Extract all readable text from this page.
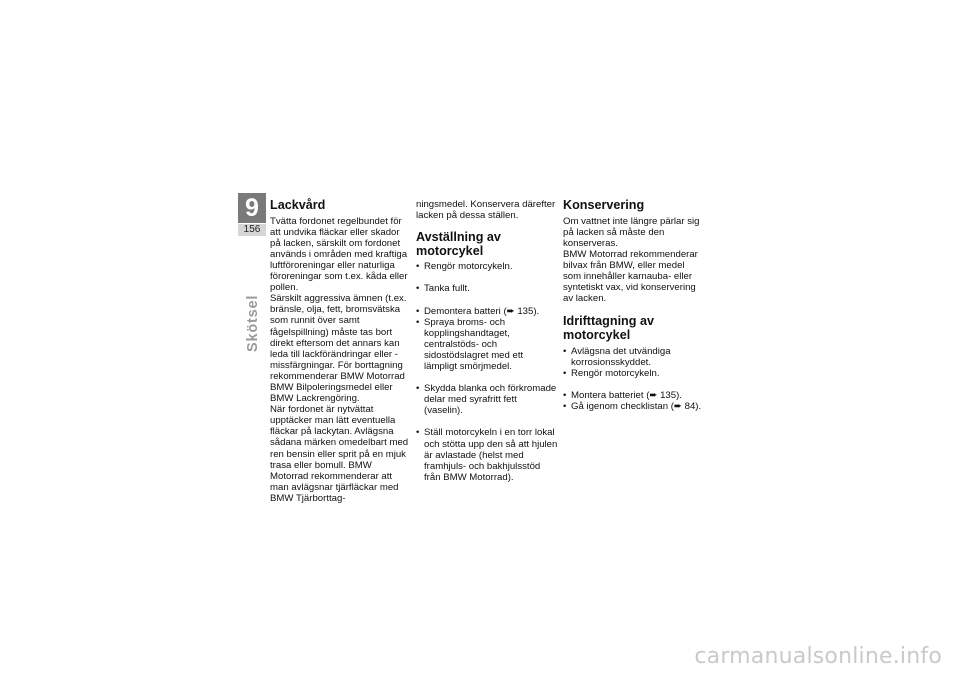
9
156
Skötsel
Lackvård

Tvätta fordonet regelbundet för att undvika fläckar eller skador på lacken, särskilt om fordonet används i områden med kraftiga luftföroreningar eller naturliga föroreningar som t.ex. kåda eller pollen.

Särskilt aggressiva ämnen (t.ex. bränsle, olja, fett, bromsvätska som runnit över samt fågelspillning) måste tas bort direkt eftersom det annars kan leda till lackförändringar eller -missfärgningar. För borttagning rekommenderar BMW Motorrad BMW Bilpoleringsmedel eller BMW Lackrengöring.

När fordonet är nytvättat upptäcker man lätt eventuella fläckar på lackytan. Avlägsna sådana märken omedelbart med ren bensin eller sprit på en mjuk trasa eller bomull. BMW Motorrad rekommenderar att man avlägsnar tjärfläckar med BMW Tjärborttag-

ningsmedel. Konservera därefter lacken på dessa ställen.

Avställning av motorcykel
• Rengör motorcykeln.
• Tanka fullt.
• Demontera batteri (➨ 135).
• Spraya broms- och kopplingshandtaget, centralstöds- och sidostödslagret med ett lämpligt smörjmedel.
• Skydda blanka och förkromade delar med syrafritt fett (vaselin).
• Ställ motorcykeln i en torr lokal och stötta upp den så att hjulen är avlastade (helst med framhjuls- och bakhjulsstöd från BMW Motorrad).
Konservering

Om vattnet inte längre pärlar sig på lacken så måste den konserveras.

BMW Motorrad rekommenderar bilvax från BMW, eller medel som innehåller karnauba- eller syntetiskt vax, vid konservering av lacken.

Idrifttagning av motorcykel
• Avlägsna det utvändiga korrosionsskyddet.
• Rengör motorcykeln.
• Montera batteriet (➨ 135).
• Gå igenom checklistan (➨ 84).
carmanualsonline.info
